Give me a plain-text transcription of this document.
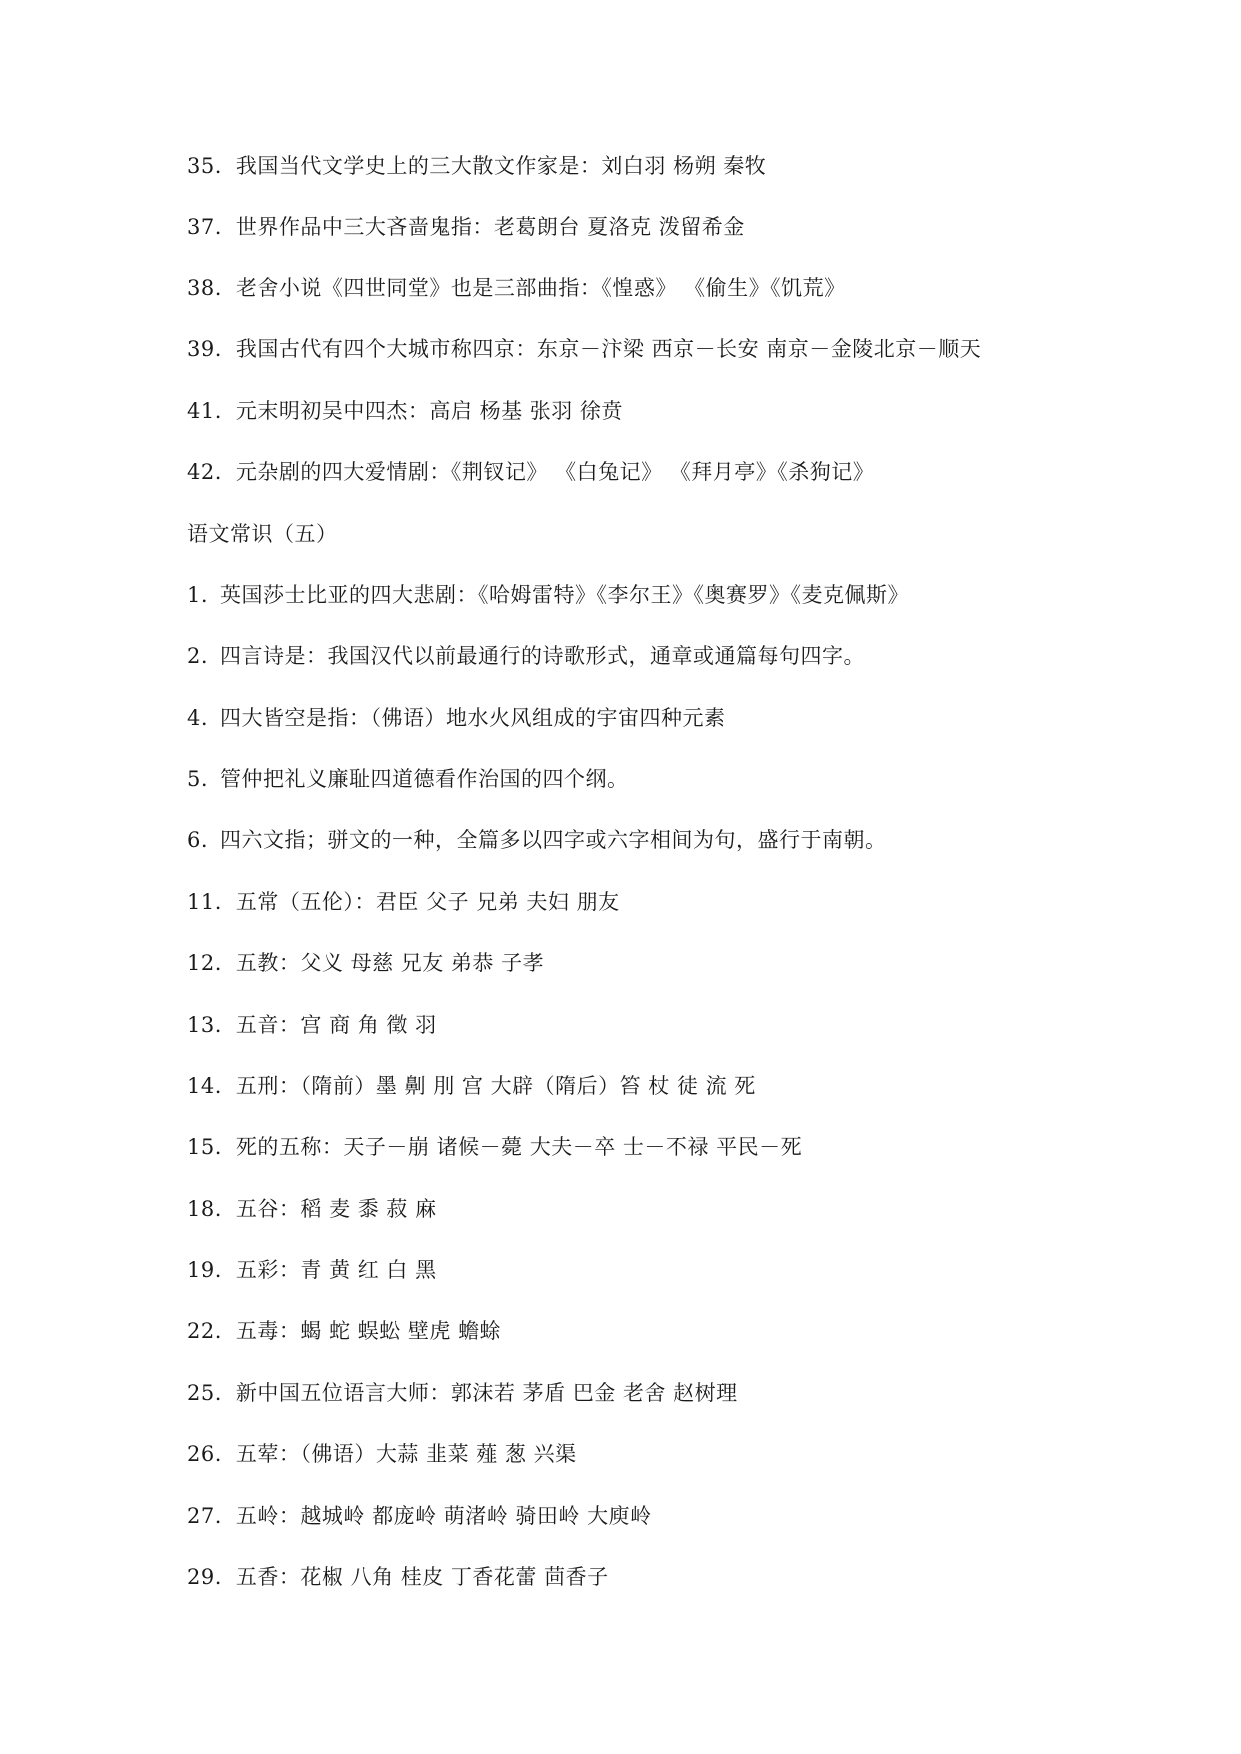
35. 我国当代文学史上的三大散文作家是：刘白羽 杨朔 秦牧
37. 世界作品中三大吝啬鬼指：老葛朗台 夏洛克 泼留希金
38. 老舍小说《四世同堂》也是三部曲指：《惶惑》 《偷生》《饥荒》
39. 我国古代有四个大城市称四京：东京－汴梁 西京－长安 南京－金陵北京－顺天
41. 元末明初吴中四杰：高启 杨基 张羽 徐贲
42. 元杂剧的四大爱情剧：《荆钗记》 《白兔记》 《拜月亭》《杀狗记》
语文常识（五）
1. 英国莎士比亚的四大悲剧：《哈姆雷特》《李尔王》《奥赛罗》《麦克佩斯》
2. 四言诗是：我国汉代以前最通行的诗歌形式，通章或通篇每句四字。
4. 四大皆空是指：（佛语）地水火风组成的宇宙四种元素
5. 管仲把礼义廉耻四道德看作治国的四个纲。
6. 四六文指；骈文的一种，全篇多以四字或六字相间为句，盛行于南朝。
11. 五常（五伦）：君臣 父子 兄弟 夫妇 朋友
12. 五教：父义 母慈 兄友 弟恭 子孝
13. 五音：宫 商 角 徵 羽
14. 五刑：（隋前）墨 劓 刖 宫 大辟（隋后）笞 杖 徒 流 死
15. 死的五称：天子－崩 诸候－薨 大夫－卒 士－不禄 平民－死
18. 五谷：稻 麦 黍 菽 麻
19. 五彩：青 黄 红 白 黑
22. 五毒：蝎 蛇 蜈蚣 壁虎 蟾蜍
25. 新中国五位语言大师：郭沫若 茅盾 巴金 老舍 赵树理
26. 五荤：（佛语）大蒜 韭菜 薤 葱 兴渠
27. 五岭：越城岭 都庞岭 萌渚岭 骑田岭 大庾岭
29. 五香：花椒 八角 桂皮 丁香花蕾 茴香子
